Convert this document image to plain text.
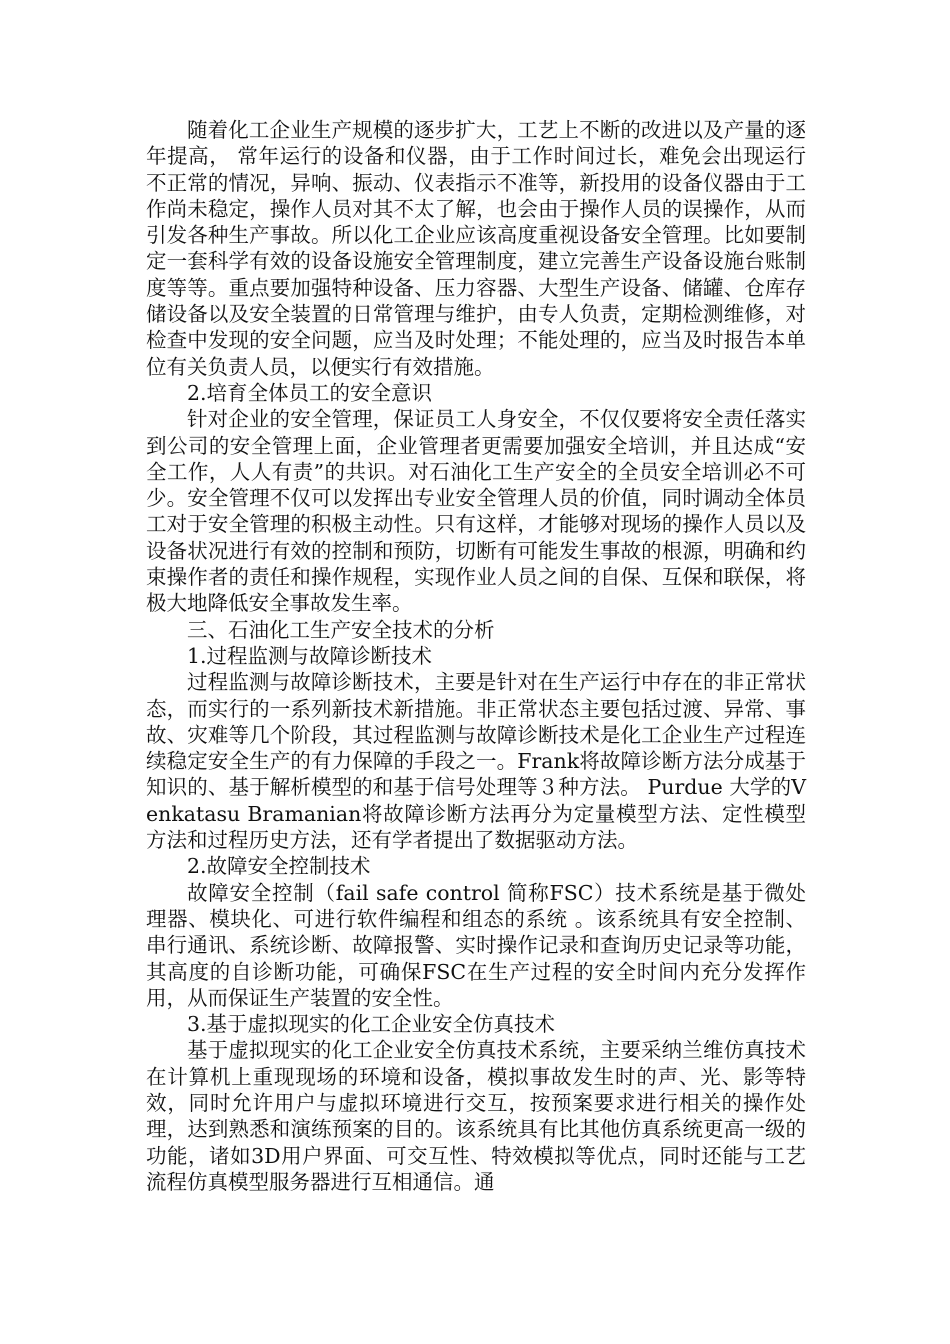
随着化工企业生产规模的逐步扩大，工艺上不断的改进以及产量的逐年提高， 常年运行的设备和仪器，由于工作时间过长，难免会出现运行不正常的情况，异响、振动、仪表指示不准等，新投用的设备仪器由于工作尚未稳定，操作人员对其不太了解，也会由于操作人员的误操作，从而引发各种生产事故。所以化工企业应该高度重视设备安全管理。比如要制定一套科学有效的设备设施安全管理制度，建立完善生产设备设施台账制度等等。重点要加强特种设备、压力容器、大型生产设备、储罐、仓库存储设备以及安全装置的日常管理与维护，由专人负责，定期检测维修，对检查中发现的安全问题，应当及时处理；不能处理的，应当及时报告本单位有关负责人员，以便实行有效措施。

2.培育全体员工的安全意识

针对企业的安全管理，保证员工人身安全，不仅仅要将安全责任落实到公司的安全管理上面，企业管理者更需要加强安全培训，并且达成“安全工作，人人有责”的共识。对石油化工生产安全的全员安全培训必不可少。安全管理不仅可以发挥出专业安全管理人员的价值，同时调动全体员工对于安全管理的积极主动性。只有这样，才能够对现场的操作人员以及设备状况进行有效的控制和预防，切断有可能发生事故的根源，明确和约束操作者的责任和操作规程，实现作业人员之间的自保、互保和联保，将极大地降低安全事故发生率。

三、石油化工生产安全技术的分析

1.过程监测与故障诊断技术

过程监测与故障诊断技术，主要是针对在生产运行中存在的非正常状态，而实行的一系列新技术新措施。非正常状态主要包括过渡、异常、事故、灾难等几个阶段，其过程监测与故障诊断技术是化工企业生产过程连续稳定安全生产的有力保障的手段之一。Frank将故障诊断方法分成基于知识的、基于解析模型的和基于信号处理等３种方法。 Purdue 大学的Venkatasu Bramanian将故障诊断方法再分为定量模型方法、定性模型方法和过程历史方法，还有学者提出了数据驱动方法。

2.故障安全控制技术

故障安全控制（fail safe control 简称FSC）技术系统是基于微处理器、模块化、可进行软件编程和组态的系统 。该系统具有安全控制、串行通讯、系统诊断、故障报警、实时操作记录和查询历史记录等功能，其高度的自诊断功能，可确保FSC在生产过程的安全时间内充分发挥作用，从而保证生产装置的安全性。

3.基于虚拟现实的化工企业安全仿真技术

基于虚拟现实的化工企业安全仿真技术系统，主要采纳兰维仿真技术在计算机上重现现场的环境和设备，模拟事故发生时的声、光、影等特效，同时允许用户与虚拟环境进行交互，按预案要求进行相关的操作处理，达到熟悉和演练预案的目的。该系统具有比其他仿真系统更高一级的功能，诸如3D用户界面、可交互性、特效模拟等优点，同时还能与工艺流程仿真模型服务器进行互相通信。通
